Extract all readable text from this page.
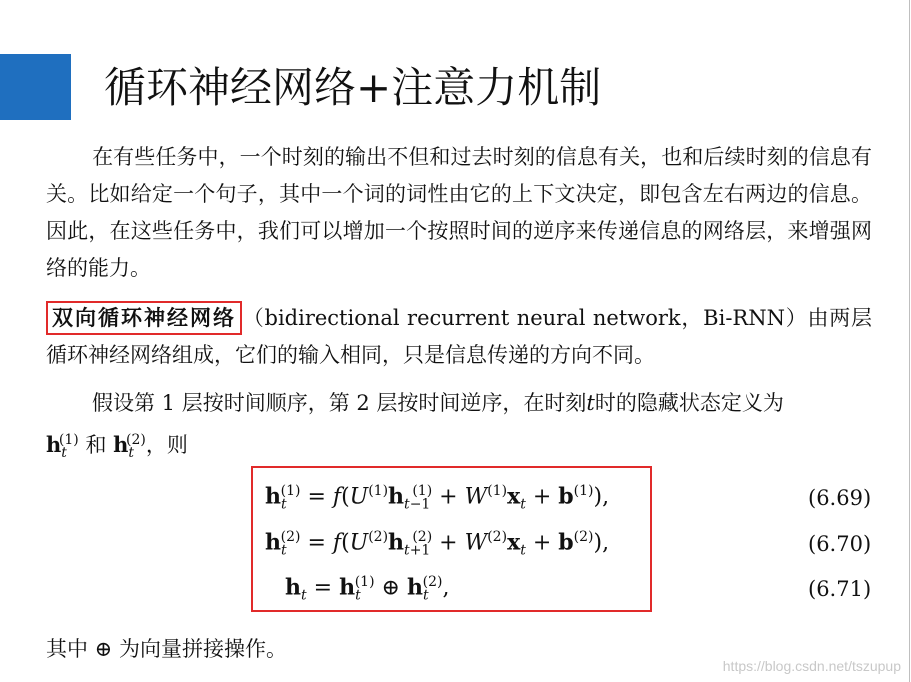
循环神经网络+注意力机制

在有些任务中，一个时刻的输出不但和过去时刻的信息有关，也和后续时刻的信息有关。比如给定一个句子，其中一个词的词性由它的上下文决定，即包含左右两边的信息。因此，在这些任务中，我们可以增加一个按照时间的逆序来传递信息的网络层，来增强网络的能力。

双向循环神经网络 （bidirectional recurrent neural network，Bi-RNN）由两层循环神经网络组成，它们的输入相同，只是信息传递的方向不同。

假设第 1 层按时间顺序，第 2 层按时间逆序，在时刻t时的隐藏状态定义为
$h_t^{(1)}$ 和 $h_t^{(2)}$，则

$h_t^{(1)} = f(U^{(1)}h_{t-1}^{(1)} + W^{(1)}x_t + b^{(1)})$,
$h_t^{(2)} = f(U^{(2)}h_{t+1}^{(2)} + W^{(2)}x_t + b^{(2)})$,
$h_t = h_t^{(1)}$ ⊕ $h_t^{(2)}$,
(6.69)
(6.70)
(6.71)

其中 ⊕ 为向量拼接操作。

https://blog.csdn.net/tszupup
